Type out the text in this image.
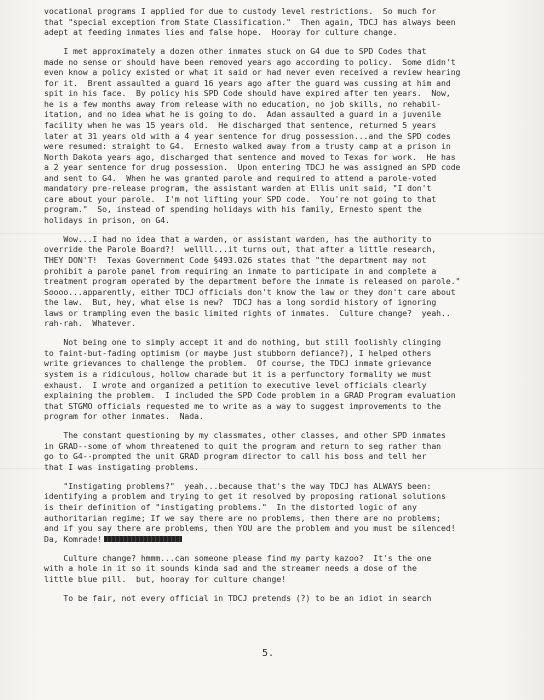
vocational programs I applied for due to custody level restrictions.  So much for
that "special exception from State Classification."  Then again, TDCJ has always been
adept at feeding inmates lies and false hope.  Hooray for culture change.
I met approximately a dozen other inmates stuck on G4 due to SPD Codes that
made no sense or should have been removed years ago according to policy.  Some didn't
even know a policy existed or what it said or had never even received a review hearing
for it.  Brent assaulted a guard 16 years ago after the guard was cussing at him and
spit in his face.  By policy his SPD Code should have expired after ten years.  Now,
he is a few months away from release with no education, no job skills, no rehabil-
itation, and no idea what he is going to do.  Adan assaulted a guard in a juvenile
facility when he was 15 years old.  He discharged that sentence, returned 5 years
later at 31 years old with a 4 year sentence for drug possession...and the SPD codes
were resumed: straight to G4.  Ernesto walked away from a trusty camp at a prison in
North Dakota years ago, discharged that sentence and moved to Texas for work.  He has
a 2 year sentence for drug possession.  Upon entering TDCJ he was assigned an SPD code
and sent to G4.  When he was granted parole and required to attend a parole-voted
mandatory pre-release program, the assistant warden at Ellis unit said, "I don't
care about your parole.  I'm not lifting your SPD code.  You're not going to that
program."  So, instead of spending holidays with his family, Ernesto spent the
holidays in prison, on G4.
Wow...I had no idea that a warden, or assistant warden, has the authority to
override the Parole Board?!  wellll...it turns out, that after a little research,
THEY DON'T!  Texas Government Code §493.026 states that "the department may not
prohibit a parole panel from requiring an inmate to participate in and complete a
treatment program operated by the department before the inmate is released on parole."
Soooo...apparently, either TDCJ officials don't know the law or they don't care about
the law.  But, hey, what else is new?  TDCJ has a long sordid history of ignoring
laws or trampling even the basic limited rights of inmates.  Culture change?  yeah..
rah-rah.  Whatever.
Not being one to simply accept it and do nothing, but still foolishly clinging
to faint-but-fading optimism (or maybe just stubborn defiance?), I helped others
write grievances to challenge the problem.  Of course, the TDCJ inmate grievance
system is a ridiculous, hollow charade but it is a perfunctory formality we must
exhaust.  I wrote and organized a petition to executive level officials clearly
explaining the problem.  I included the SPD Code problem in a GRAD Program evaluation
that STGMO officials requested me to write as a way to suggest improvements to the
program for other inmates.  Nada.
The constant questioning by my classmates, other classes, and other SPD inmates
in GRAD--some of whom threatened to quit the program and return to seg rather than
go to G4--prompted the unit GRAD program director to call his boss and tell her
that I was instigating problems.
"Instigating problems?"  yeah...because that's the way TDCJ has ALWAYS been:
identifying a problem and trying to get it resolved by proposing rational solutions
is their definition of "instigating problems."  In the distorted logic of any
authoritarian regime; If we say there are no problems, then there are no problems;
and if you say there are problems, then YOU are the problem and you must be silenced!
Da, Komrade!
Culture change? hmmm...can someone please find my party kazoo?  It's the one
with a hole in it so it sounds kinda sad and the streamer needs a dose of the
little blue pill.  but, hooray for culture change!
To be fair, not every official in TDCJ pretends (?) to be an idiot in search
5.
